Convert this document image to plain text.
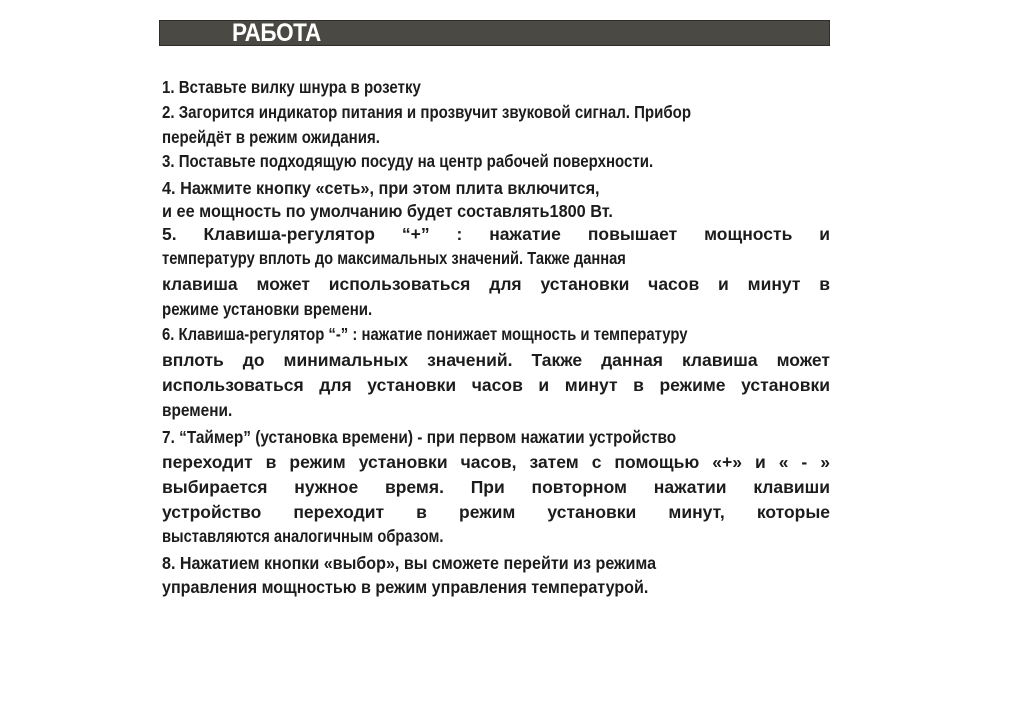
РАБОТА
1. Вставьте вилку шнура в розетку
2. Загорится индикатор питания и прозвучит звуковой сигнал. Прибор
перейдёт в режим ожидания.
3. Поставьте подходящую посуду на центр рабочей поверхности.
4. Нажмите кнопку «сеть», при этом плита включится,
и ее мощность по умолчанию будет составлять1800 Вт.
5. Клавиша-регулятор “+” : нажатие повышает мощность и
температуру вплоть до максимальных значений. Также данная
клавиша может использоваться для установки часов и минут в
режиме установки времени.
6. Клавиша-регулятор “-” : нажатие понижает мощность и температуру
вплоть до минимальных значений. Также данная клавиша может
использоваться для установки часов и минут в режиме установки
времени.
7. “Таймер” (установка времени) - при первом нажатии устройство
переходит в режим установки часов, затем с помощью «+» и « - »
выбирается нужное время. При повторном нажатии клавиши
устройство переходит в режим установки минут, которые
выставляются аналогичным образом.
8. Нажатием кнопки «выбор», вы сможете перейти из режима
управления мощностью в режим управления температурой.
